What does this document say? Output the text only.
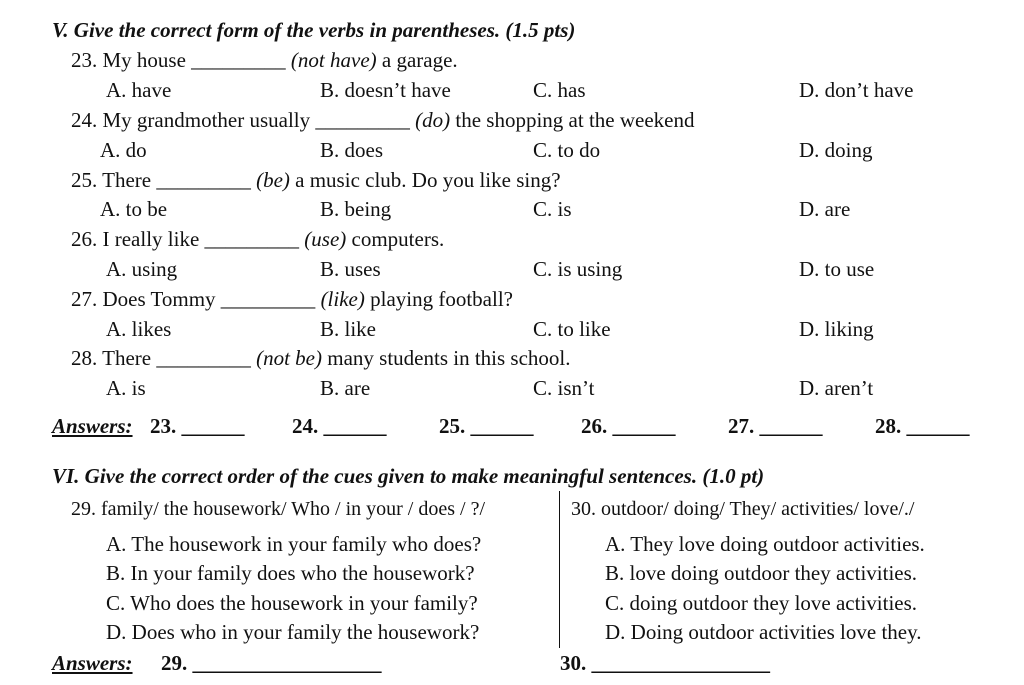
V. Give the correct form of the verbs in parentheses. (1.5 pts)
23. My house _________ (not have) a garage.
A. have	B. doesn’t have	C. has	D. don’t have
24. My grandmother usually _________ (do) the shopping at the weekend
A. do	B. does	C. to do	D. doing
25. There _________ (be) a music club. Do you like sing?
A. to be	B. being	C. is	D. are
26. I really like _________ (use) computers.
A. using	B. uses	C. is using	D. to use
27. Does Tommy _________ (like) playing football?
A. likes	B. like	C. to like	D. liking
28. There _________ (not be) many students in this school.
A. is	B. are	C. isn’t	D. aren’t
Answers: 23. ______ 24. ______	25. ______ 26. ______	27. ______	28. ______
VI. Give the correct order of the cues given to make meaningful sentences. (1.0 pt)
29. family/ the housework/ Who / in your / does / ?/
A. The housework in your family who does?
B. In your family does who the housework?
C. Who does the housework in your family?
D. Does who in your family the housework?
30. outdoor/ doing/ They/ activities/ love/./
A. They love doing outdoor activities.
B. love doing outdoor they activities.
C. doing outdoor they love activities.
D. Doing outdoor activities love they.
Answers: 29. __________________	30. _________________
